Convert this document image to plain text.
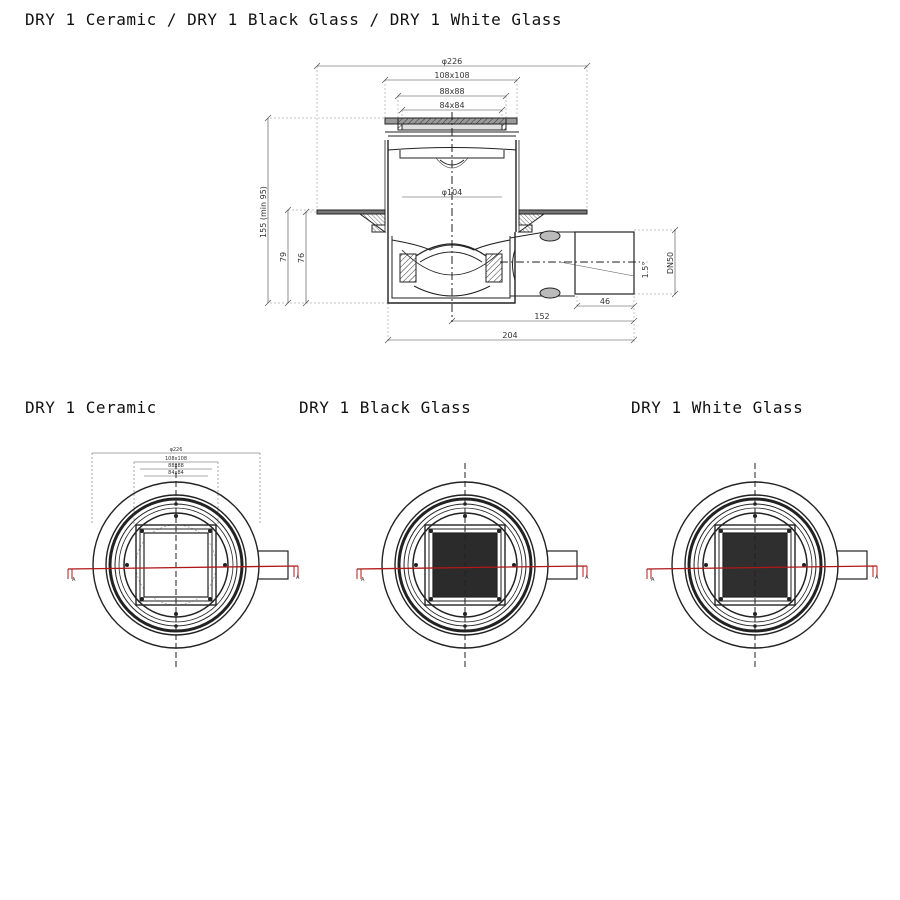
DRY 1 Ceramic / DRY 1 Black Glass / DRY 1 White Glass
DRY 1 Ceramic	DRY 1 Black Glass	DRY 1 White Glass
φ226
108x108
88x88
84x84
φ104
155 (min 95)
79 76	DN50
1.5°
46
152
204
A	A
φ226
108x108
88x88
84x84
A	A	A	A
